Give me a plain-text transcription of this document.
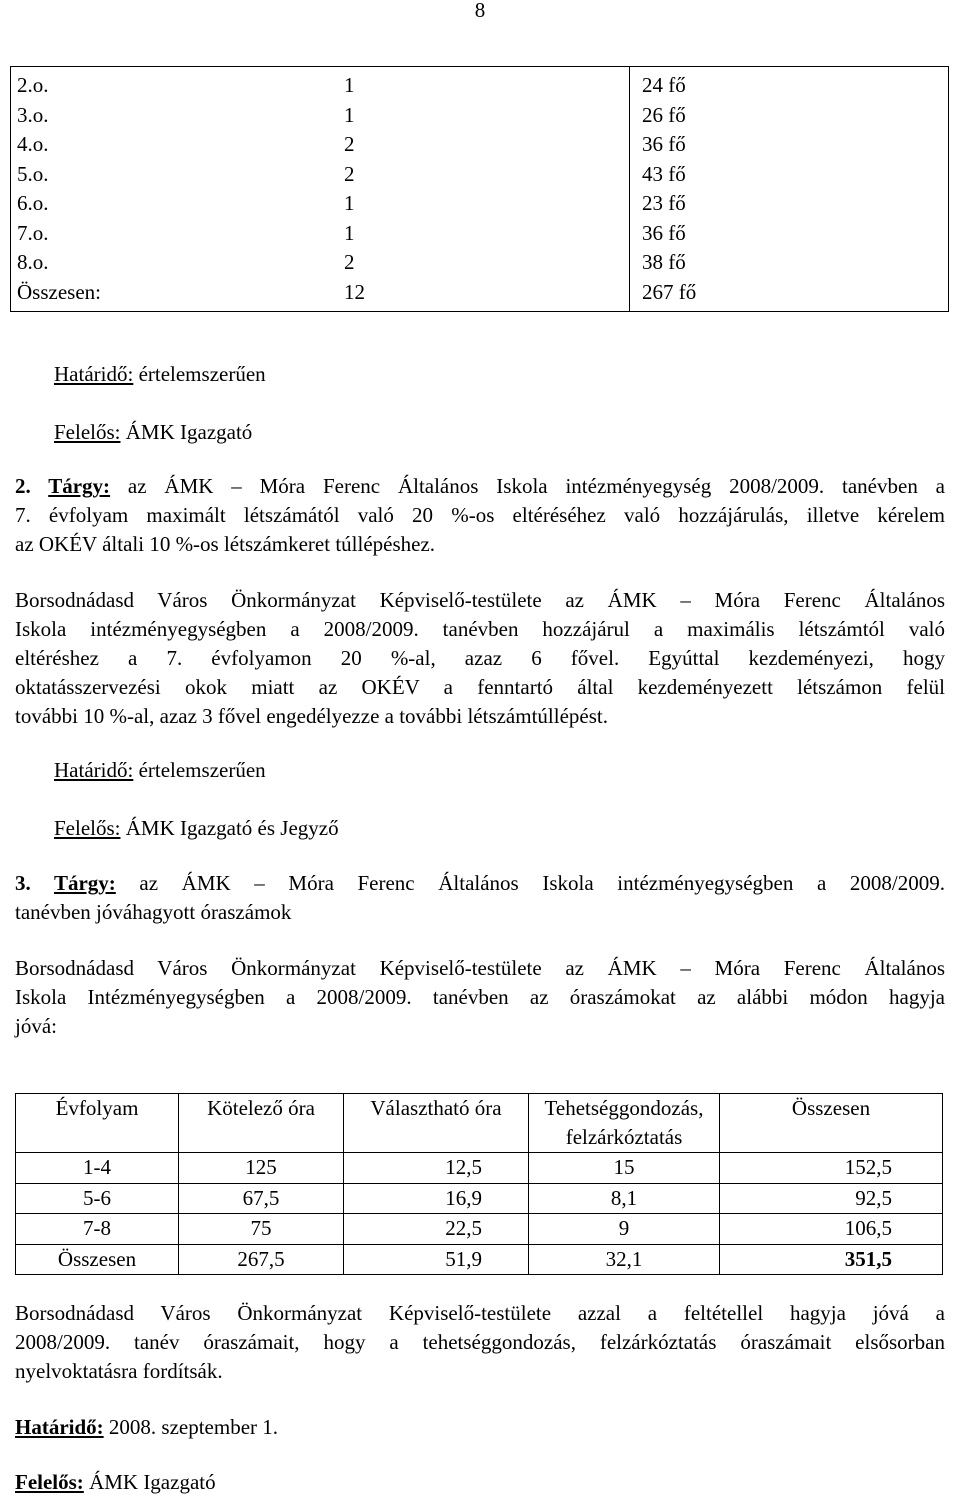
8
2.o.	1	24 fő
3.o.	1	26 fő
4.o.	2	36 fő
5.o.	2	43 fő
6.o.	1	23 fő
7.o.	1	36 fő
8.o.	2	38 fő
Összesen:	12	267 fő
Határidő: értelemszerűen
Felelős: ÁMK Igazgató
2. Tárgy: az ÁMK – Móra Ferenc Általános Iskola intézményegység 2008/2009. tanévben a
7. évfolyam maximált létszámától való 20 %-os eltéréséhez való hozzájárulás, illetve kérelem
az OKÉV általi 10 %-os létszámkeret túllépéshez.
Borsodnádasd Város Önkormányzat Képviselő-testülete az ÁMK – Móra Ferenc Általános
Iskola intézményegységben a 2008/2009. tanévben hozzájárul a maximális létszámtól való
eltéréshez a 7. évfolyamon 20 %-al, azaz 6 fővel. Egyúttal kezdeményezi, hogy
oktatásszervezési okok miatt az OKÉV a fenntartó által kezdeményezett létszámon felül
további 10 %-al, azaz 3 fővel engedélyezze a további létszámtúllépést.
Határidő: értelemszerűen
Felelős: ÁMK Igazgató és Jegyző
3. Tárgy: az ÁMK – Móra Ferenc Általános Iskola intézményegységben a 2008/2009.
tanévben jóváhagyott óraszámok
Borsodnádasd Város Önkormányzat Képviselő-testülete az ÁMK – Móra Ferenc Általános
Iskola Intézményegységben a 2008/2009. tanévben az óraszámokat az alábbi módon hagyja
jóvá:
Évfolyam	Kötelező óra	Választható óra	Tehetséggondozás,
felzárkóztatás	Összesen
1-4	125	12,5	15	152,5
5-6	67,5	16,9	8,1	92,5
7-8	75	22,5	9	106,5
Összesen	267,5	51,9	32,1	351,5
Borsodnádasd Város Önkormányzat Képviselő-testülete azzal a feltétellel hagyja jóvá a
2008/2009. tanév óraszámait, hogy a tehetséggondozás, felzárkóztatás óraszámait elsősorban
nyelvoktatásra fordítsák.
Határidő: 2008. szeptember 1.
Felelős: ÁMK Igazgató
